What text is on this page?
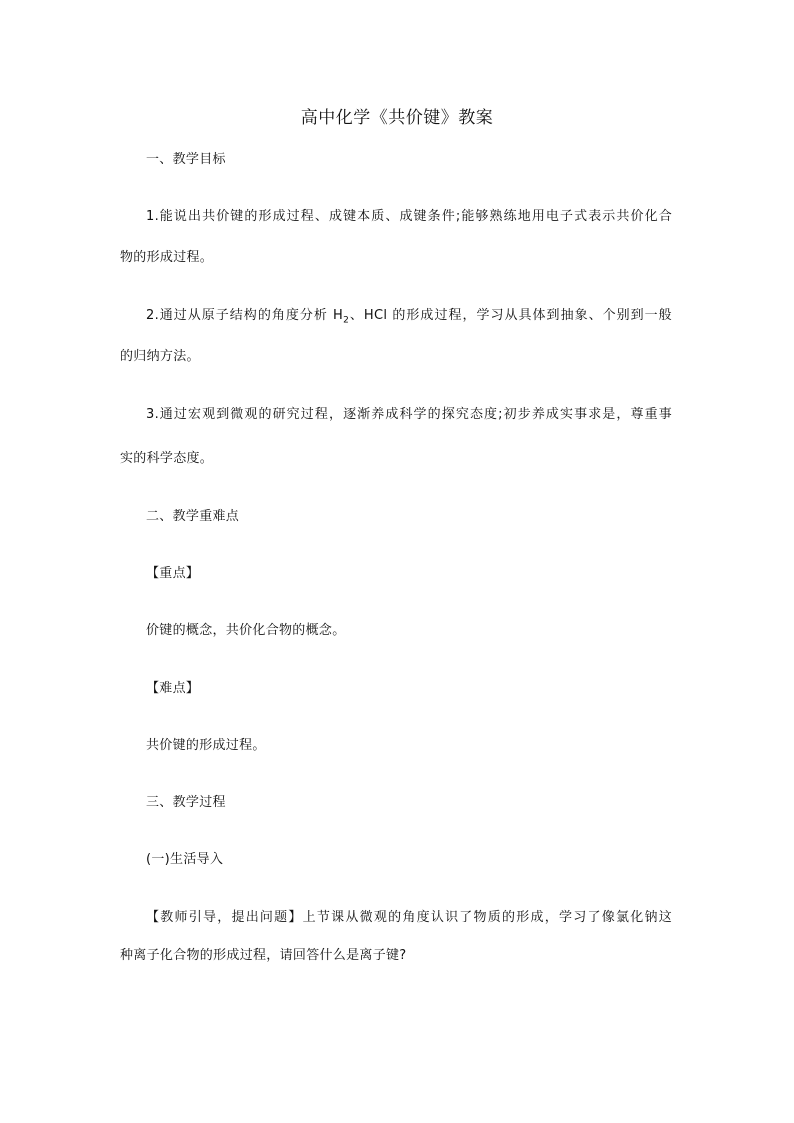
高中化学《共价键》教案
一、教学目标
1.能说出共价键的形成过程、成键本质、成键条件;能够熟练地用电子式表示共价化合
物的形成过程。
2.通过从原子结构的角度分析 $H_2$、HCl 的形成过程，学习从具体到抽象、个别到一般
的归纳方法。
3.通过宏观到微观的研究过程，逐渐养成科学的探究态度;初步养成实事求是，尊重事
实的科学态度。
二、教学重难点
【重点】
价键的概念，共价化合物的概念。
【难点】
共价键的形成过程。
三、教学过程
(一)生活导入
【教师引导，提出问题】上节课从微观的角度认识了物质的形成，学习了像氯化钠这
种离子化合物的形成过程，请回答什么是离子键?
